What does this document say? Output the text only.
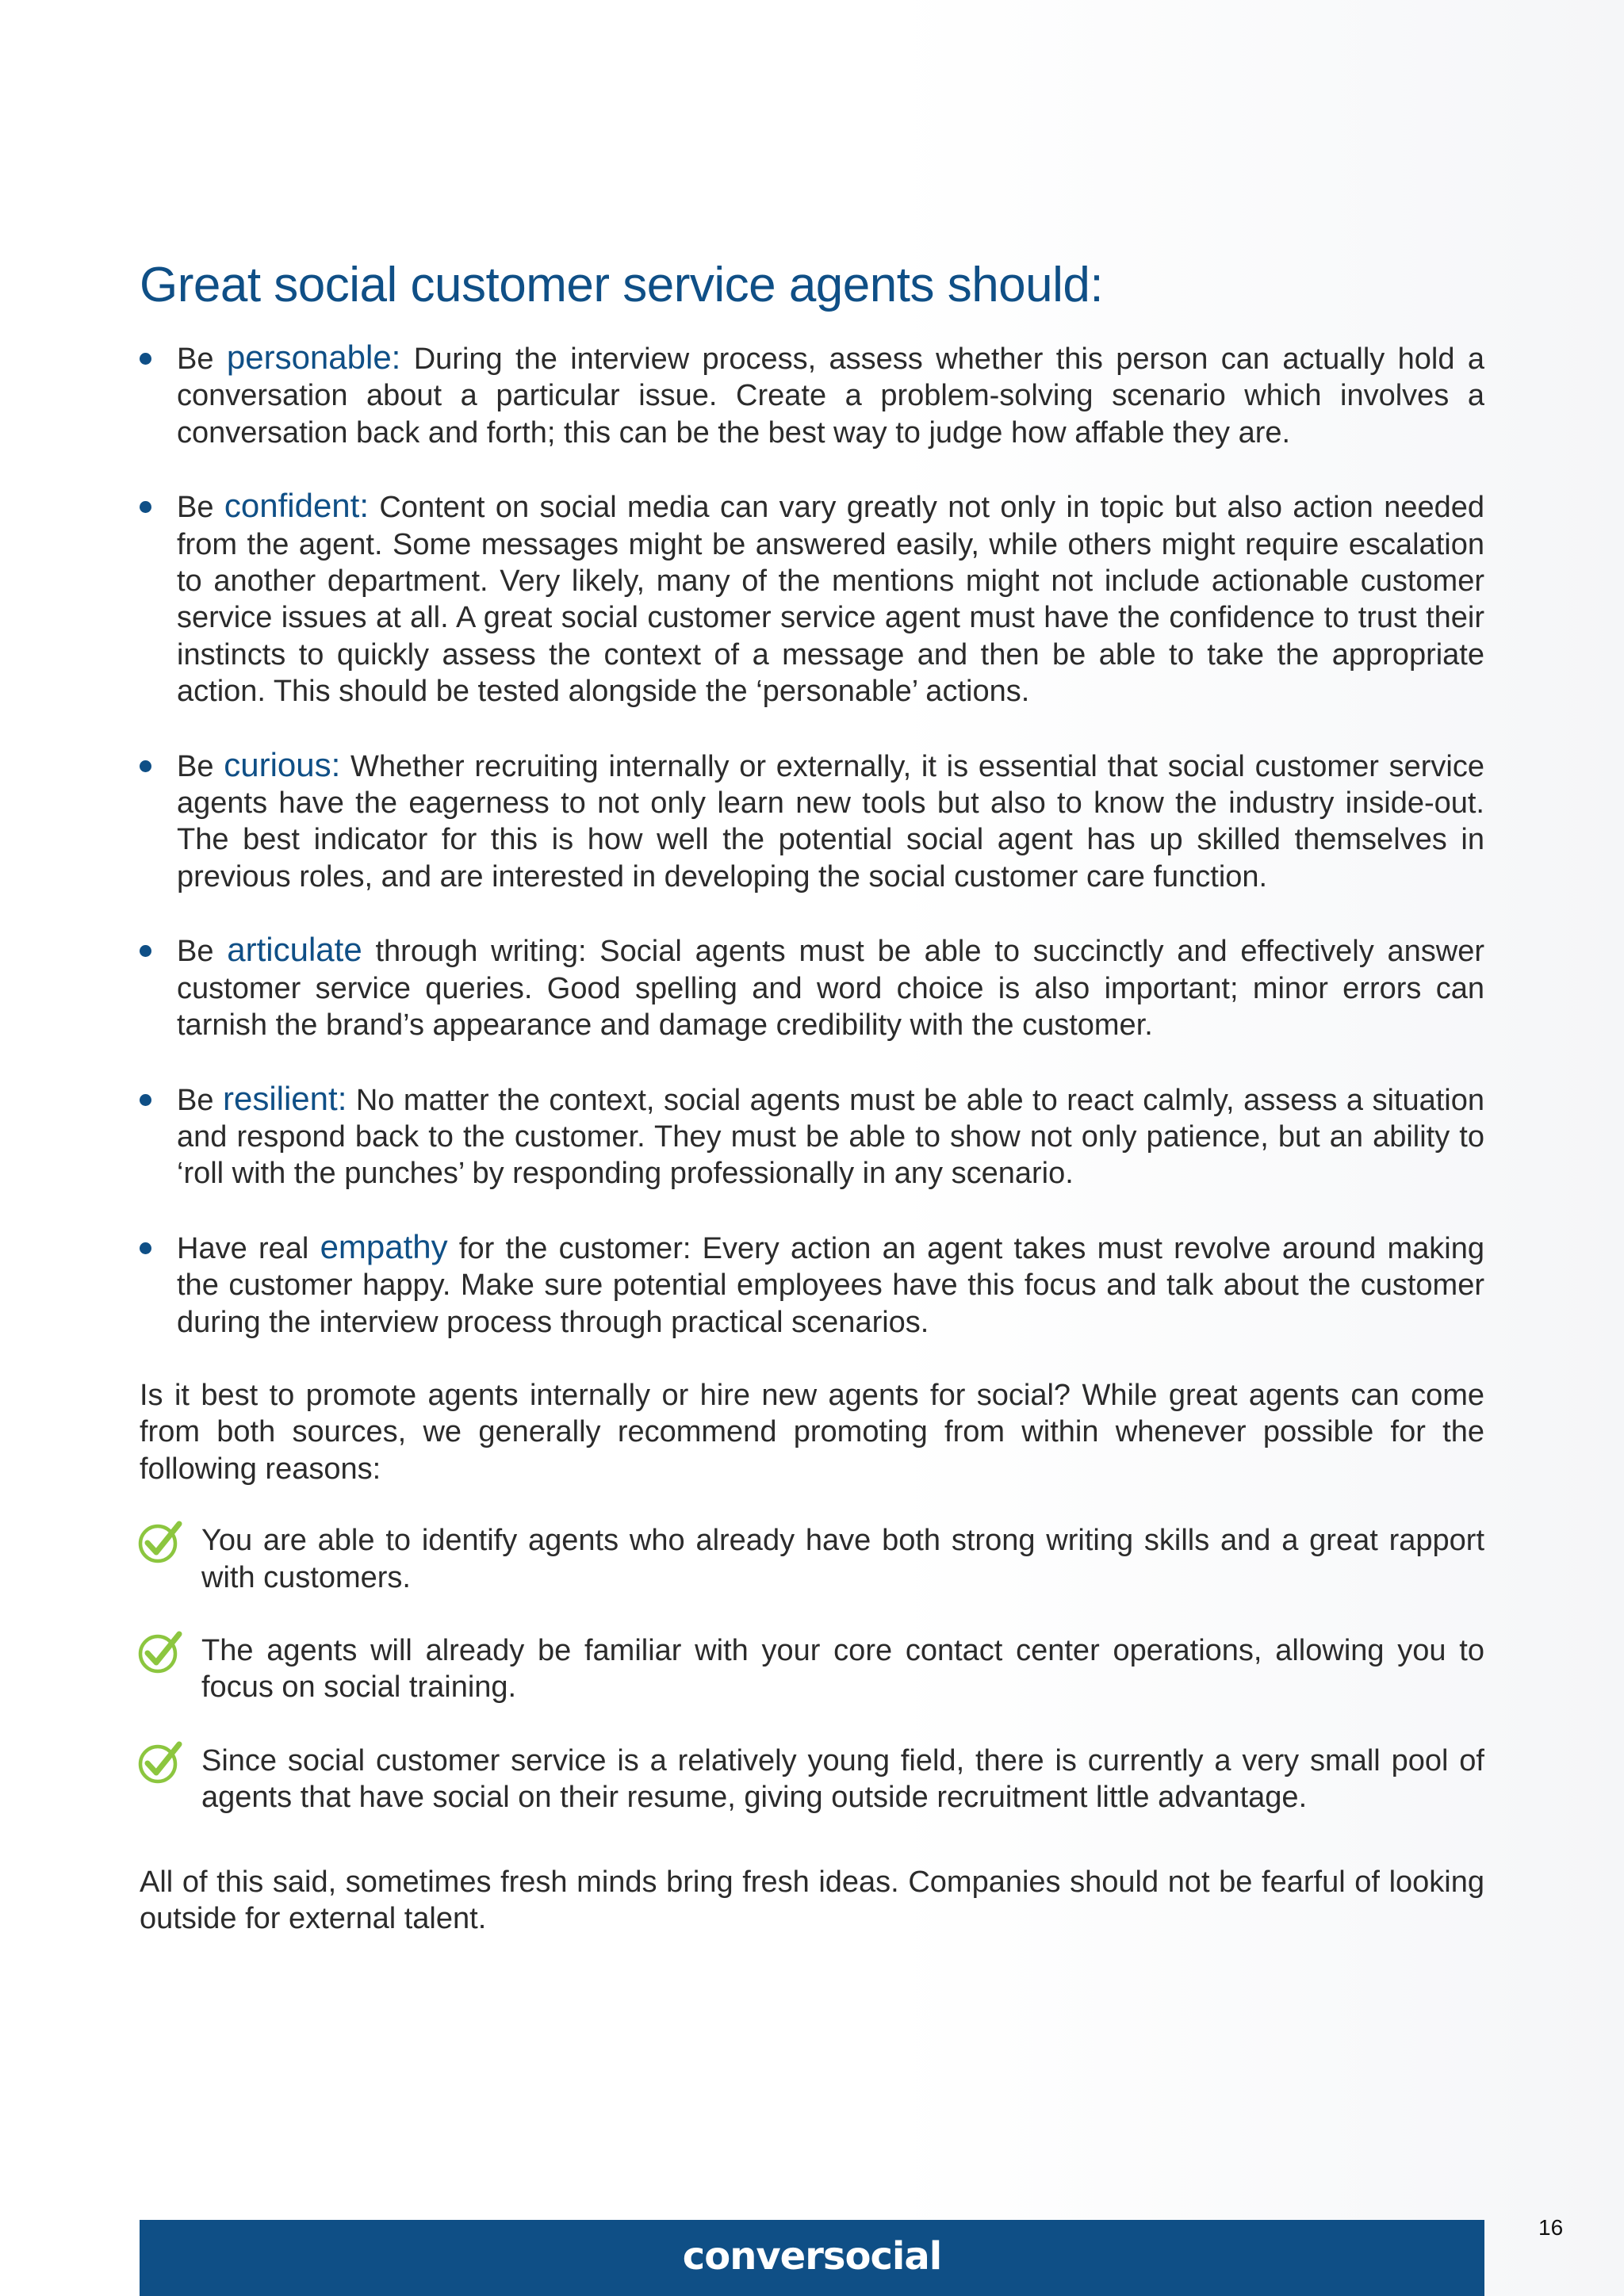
Great social customer service agents should:
Be personable: During the interview process, assess whether this person can actually hold a conversation about a particular issue. Create a problem-solving scenario which involves a conversation back and forth; this can be the best way to judge how affable they are.
Be confident: Content on social media can vary greatly not only in topic but also action needed from the agent. Some messages might be answered easily, while others might require escalation to another department. Very likely, many of the mentions might not include actionable customer service issues at all. A great social customer service agent must have the confidence to trust their instincts to quickly assess the context of a message and then be able to take the appropriate action. This should be tested alongside the ‘personable’ actions.
Be curious: Whether recruiting internally or externally, it is essential that social customer service agents have the eagerness to not only learn new tools but also to know the industry inside-out. The best indicator for this is how well the potential social agent has up skilled themselves in previous roles, and are interested in developing the social customer care function.
Be articulate through writing: Social agents must be able to succinctly and effectively answer customer service queries. Good spelling and word choice is also important; minor errors can tarnish the brand’s appearance and damage credibility with the customer.
Be resilient: No matter the context, social agents must be able to react calmly, assess a situation and respond back to the customer. They must be able to show not only patience, but an ability to ‘roll with the punches’ by responding professionally in any scenario.
Have real empathy for the customer: Every action an agent takes must revolve around making the customer happy. Make sure potential employees have this focus and talk about the customer during the interview process through practical scenarios.

Is it best to promote agents internally or hire new agents for social? While great agents can come from both sources, we generally recommend promoting from within whenever possible for the following reasons:

You are able to identify agents who already have both strong writing skills and a great rapport with customers.
The agents will already be familiar with your core contact center operations, allowing you to focus on social training.
Since social customer service is a relatively young field, there is currently a very small pool of agents that have social on their resume, giving outside recruitment little advantage.

All of this said, sometimes fresh minds bring fresh ideas. Companies should not be fearful of looking outside for external talent.

conversocial
16
